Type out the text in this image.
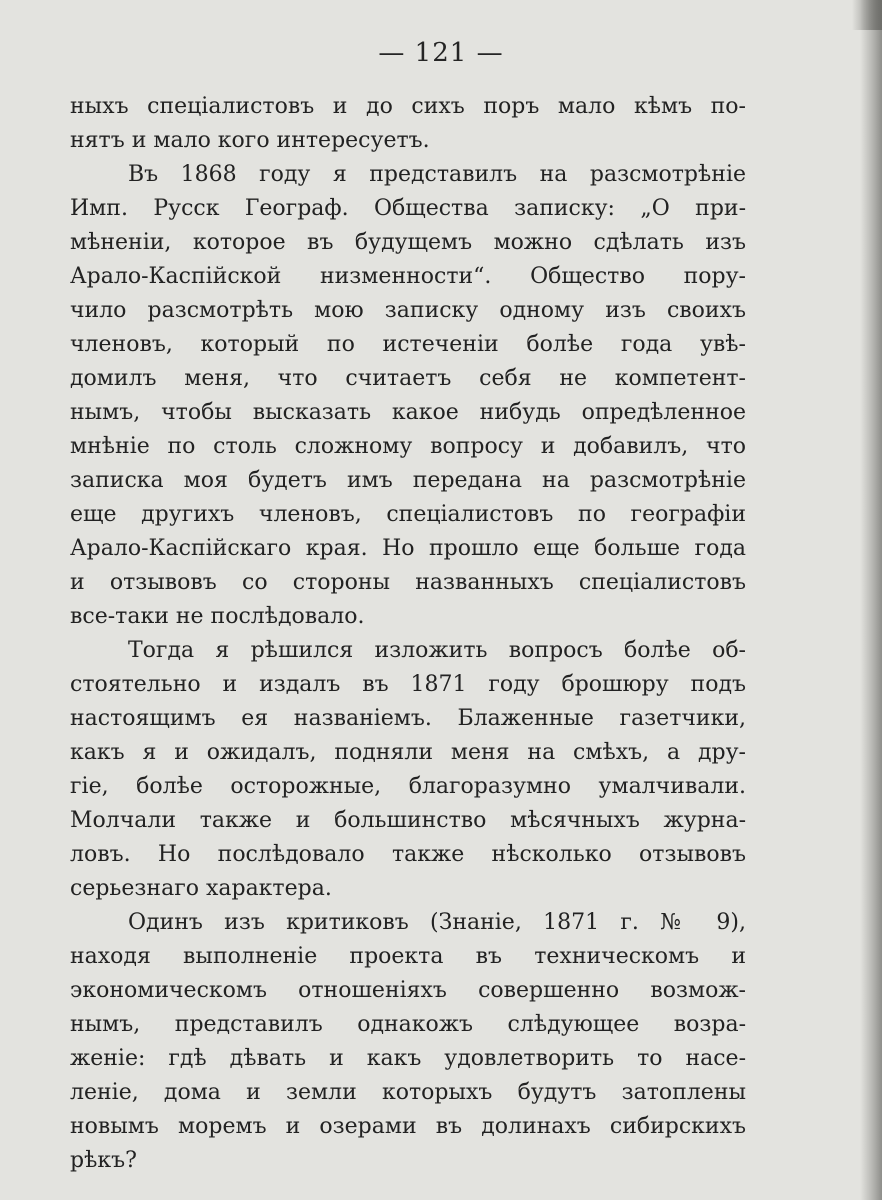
— 121 —
ныхъ спеціалистовъ и до сихъ поръ мало кѣмъ по-
нятъ и мало кого интересуетъ.
Въ 1868 году я представилъ на разсмотрѣніе
Имп. Русск Географ. Общества записку: „О при-
мѣненіи, которое въ будущемъ можно сдѣлать изъ
Арало-Каспійской низменности“. Общество пору-
чило разсмотрѣть мою записку одному изъ своихъ
членовъ, который по истеченіи болѣе года увѣ-
домилъ меня, что считаетъ себя не компетент-
нымъ, чтобы высказать какое нибудь опредѣленное
мнѣніе по столь сложному вопросу и добавилъ, что
записка моя будетъ имъ передана на разсмотрѣніе
еще другихъ членовъ, спеціалистовъ по географіи
Арало-Каспійскаго края. Но прошло еще больше года
и отзывовъ со стороны названныхъ спеціалистовъ
все-таки не послѣдовало.
Тогда я рѣшился изложить вопросъ болѣе об-
стоятельно и издалъ въ 1871 году брошюру подъ
настоящимъ ея названіемъ. Блаженные газетчики,
какъ я и ожидалъ, подняли меня на смѣхъ, а дру-
гіе, болѣе осторожные, благоразумно умалчивали.
Молчали также и большинство мѣсячныхъ журна-
ловъ. Но послѣдовало также нѣсколько отзывовъ
серьезнаго характера.
Одинъ изъ критиковъ (Знаніе, 1871 г. № 9),
находя выполненіе проекта въ техническомъ и
экономическомъ отношеніяхъ совершенно возмож-
нымъ, представилъ однакожъ слѣдующее возра-
женіе: гдѣ дѣвать и какъ удовлетворить то насе-
леніе, дома и земли которыхъ будутъ затоплены
новымъ моремъ и озерами въ долинахъ сибирскихъ
рѣкъ?
